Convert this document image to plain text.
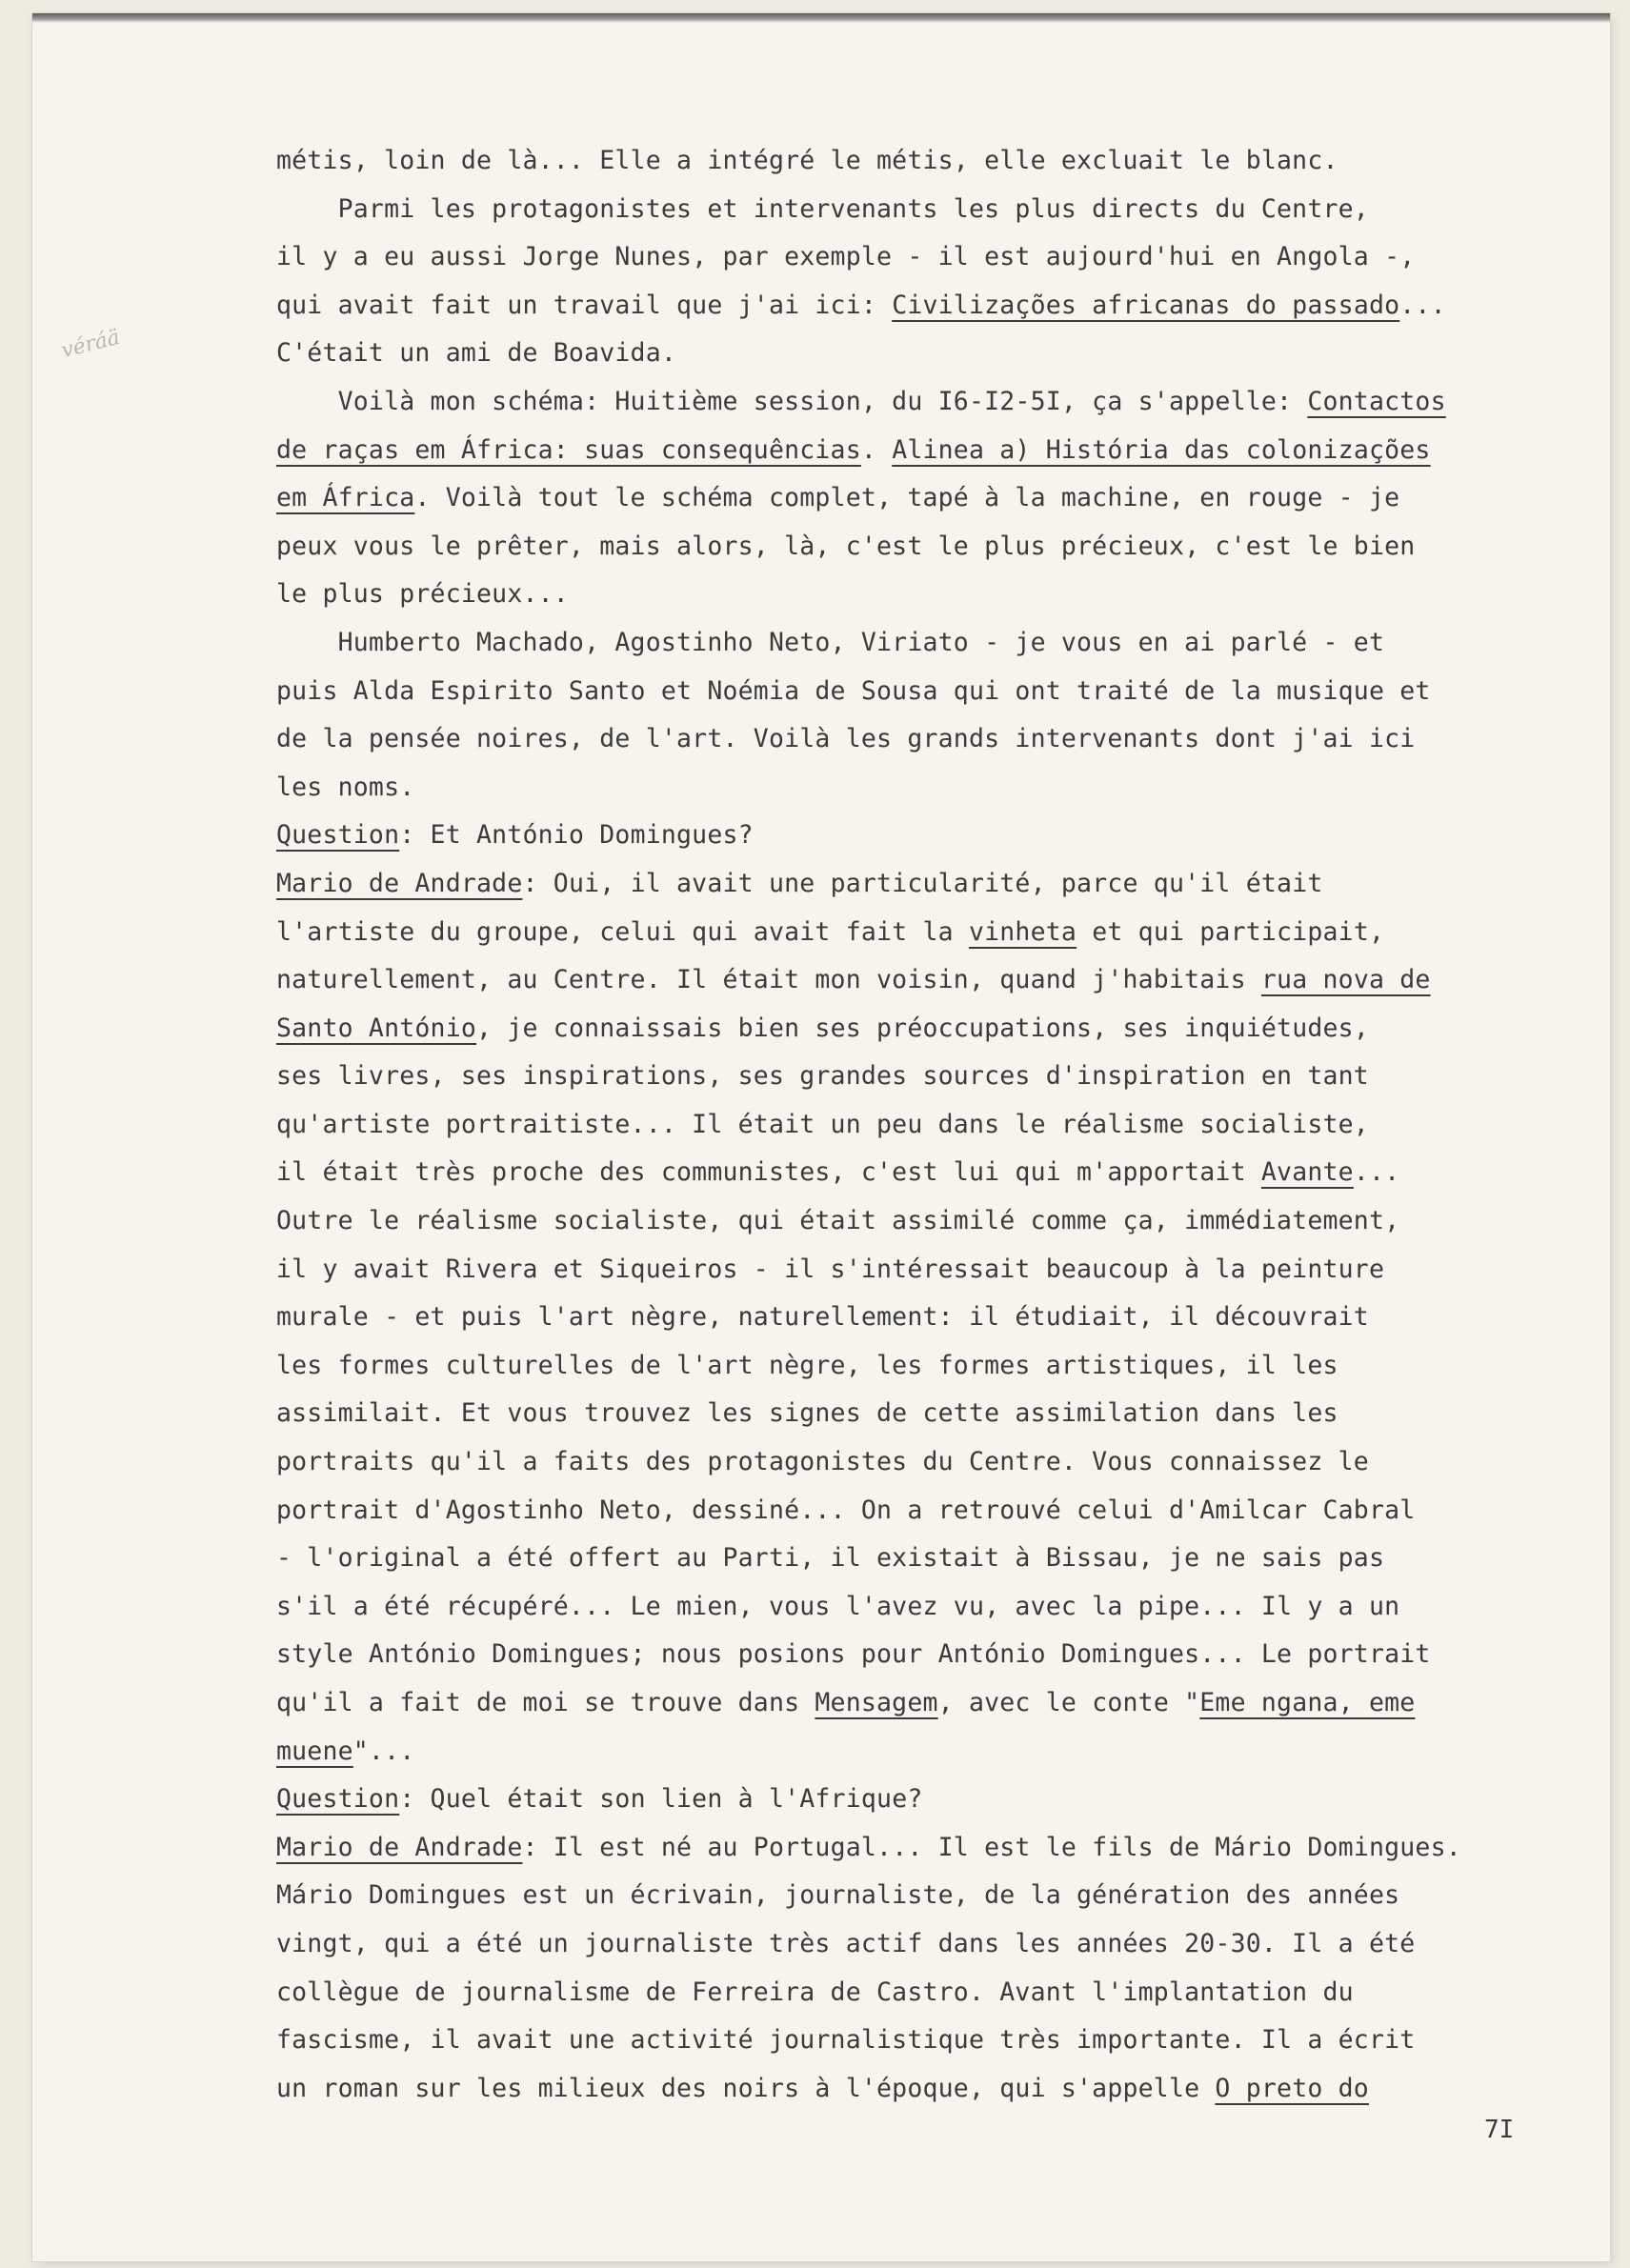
véráä
métis, loin de là... Elle a intégré le métis, elle excluait le blanc.
Parmi les protagonistes et intervenants les plus directs du Centre,
il y a eu aussi Jorge Nunes, par exemple - il est aujourd'hui en Angola -,
qui avait fait un travail que j'ai ici: Civilizações africanas do passado...
C'était un ami de Boavida.
Voilà mon schéma: Huitième session, du I6-I2-5I, ça s'appelle: Contactos
de raças em África: suas consequências. Alinea a) História das colonizações
em África. Voilà tout le schéma complet, tapé à la machine, en rouge - je
peux vous le prêter, mais alors, là, c'est le plus précieux, c'est le bien
le plus précieux...
Humberto Machado, Agostinho Neto, Viriato - je vous en ai parlé - et
puis Alda Espirito Santo et Noémia de Sousa qui ont traité de la musique et
de la pensée noires, de l'art. Voilà les grands intervenants dont j'ai ici
les noms.
Question: Et António Domingues?
Mario de Andrade: Oui, il avait une particularité, parce qu'il était
l'artiste du groupe, celui qui avait fait la vinheta et qui participait,
naturellement, au Centre. Il était mon voisin, quand j'habitais rua nova de
Santo António, je connaissais bien ses préoccupations, ses inquiétudes,
ses livres, ses inspirations, ses grandes sources d'inspiration en tant
qu'artiste portraitiste... Il était un peu dans le réalisme socialiste,
il était très proche des communistes, c'est lui qui m'apportait Avante...
Outre le réalisme socialiste, qui était assimilé comme ça, immédiatement,
il y avait Rivera et Siqueiros - il s'intéressait beaucoup à la peinture
murale - et puis l'art nègre, naturellement: il étudiait, il découvrait
les formes culturelles de l'art nègre, les formes artistiques, il les
assimilait. Et vous trouvez les signes de cette assimilation dans les
portraits qu'il a faits des protagonistes du Centre. Vous connaissez le
portrait d'Agostinho Neto, dessiné... On a retrouvé celui d'Amilcar Cabral
- l'original a été offert au Parti, il existait à Bissau, je ne sais pas
s'il a été récupéré... Le mien, vous l'avez vu, avec la pipe... Il y a un
style António Domingues; nous posions pour António Domingues... Le portrait
qu'il a fait de moi se trouve dans Mensagem, avec le conte "Eme ngana, eme
muene"...
Question: Quel était son lien à l'Afrique?
Mario de Andrade: Il est né au Portugal... Il est le fils de Mário Domingues.
Mário Domingues est un écrivain, journaliste, de la génération des années
vingt, qui a été un journaliste très actif dans les années 20-30. Il a été
collègue de journalisme de Ferreira de Castro. Avant l'implantation du
fascisme, il avait une activité journalistique très importante. Il a écrit
un roman sur les milieux des noirs à l'époque, qui s'appelle O preto do
7I
